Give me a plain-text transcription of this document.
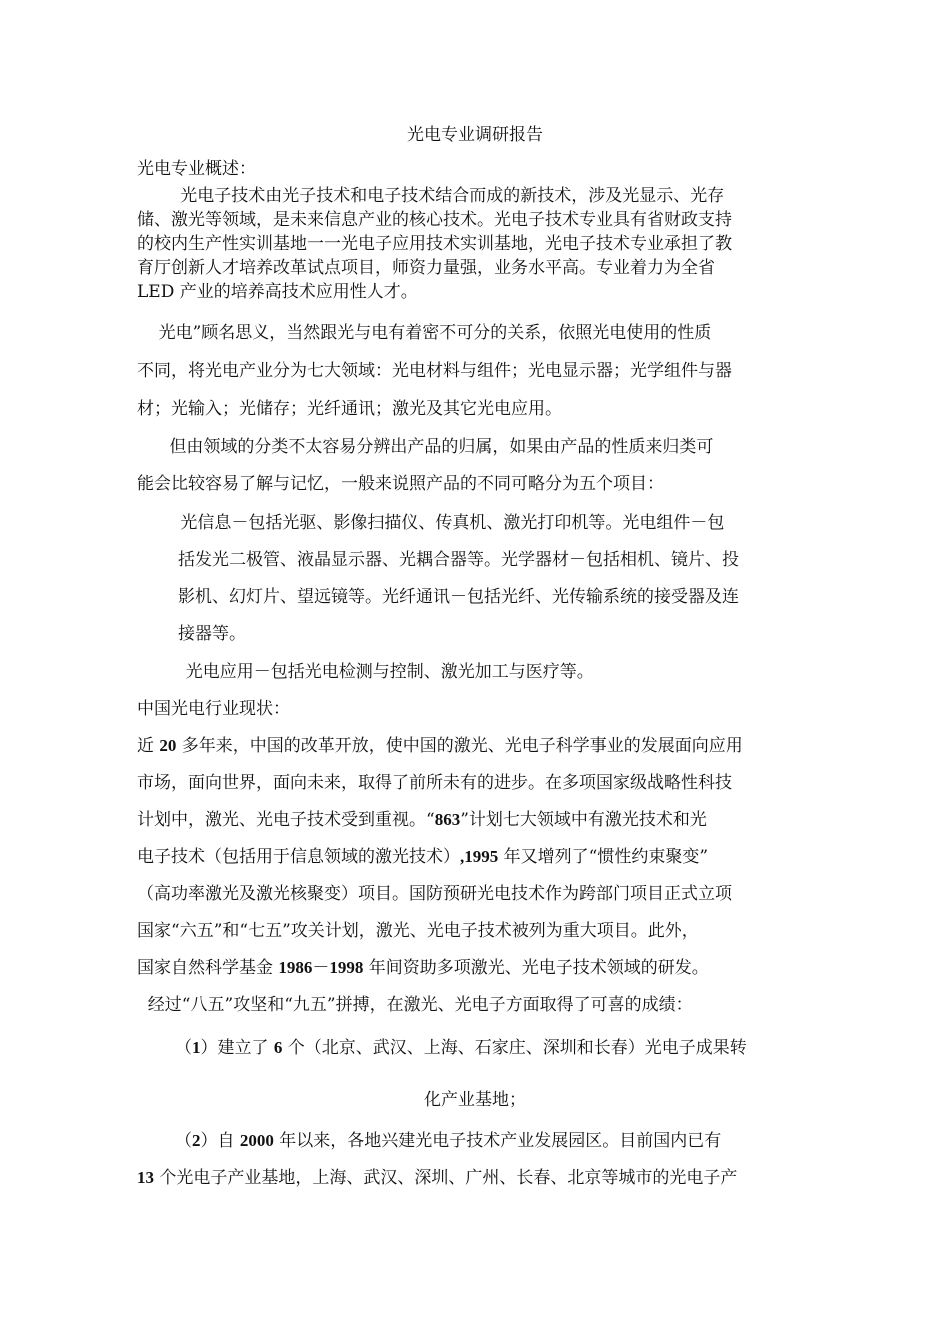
光电专业调研报告
光电专业概述：
光电子技术由光子技术和电子技术结合而成的新技术，涉及光显示、光存
储、激光等领域，是未来信息产业的核心技术。光电子技术专业具有省财政支持
的校内生产性实训基地一一光电子应用技术实训基地，光电子技术专业承担了教
育厅创新人才培养改革试点项目，师资力量强，业务水平高。专业着力为全省
LED 产业的培养高技术应用性人才。
光电”顾名思义，当然跟光与电有着密不可分的关系，依照光电使用的性质
不同，将光电产业分为七大领域：光电材料与组件；光电显示器；光学组件与器
材；光输入；光储存；光纤通讯；激光及其它光电应用。
但由领域的分类不太容易分辨出产品的归属，如果由产品的性质来归类可
能会比较容易了解与记忆，一般来说照产品的不同可略分为五个项目：
光信息－包括光驱、影像扫描仪、传真机、激光打印机等。光电组件－包
括发光二极管、液晶显示器、光耦合器等。光学器材－包括相机、镜片、投
影机、幻灯片、望远镜等。光纤通讯－包括光纤、光传输系统的接受器及连
接器等。
光电应用－包括光电检测与控制、激光加工与医疗等。
中国光电行业现状：
近 20 多年来，中国的改革开放，使中国的激光、光电子科学事业的发展面向应用
市场，面向世界，面向未来，取得了前所未有的进步。在多项国家级战略性科技
计划中，激光、光电子技术受到重视。“863”计划七大领域中有激光技术和光
电子技术（包括用于信息领域的激光技术）,1995 年又增列了“惯性约束聚变”
（高功率激光及激光核聚变）项目。国防预研光电技术作为跨部门项目正式立项
国家“六五”和“七五”攻关计划，激光、光电子技术被列为重大项目。此外，
国家自然科学基金 1986－1998 年间资助多项激光、光电子技术领域的研发。
经过“八五”攻坚和“九五”拼搏，在激光、光电子方面取得了可喜的成绩：
（1）建立了 6 个（北京、武汉、上海、石家庄、深圳和长春）光电子成果转
化产业基地；
（2）自 2000 年以来，各地兴建光电子技术产业发展园区。目前国内已有
13 个光电子产业基地，上海、武汉、深圳、广州、长春、北京等城市的光电子产
